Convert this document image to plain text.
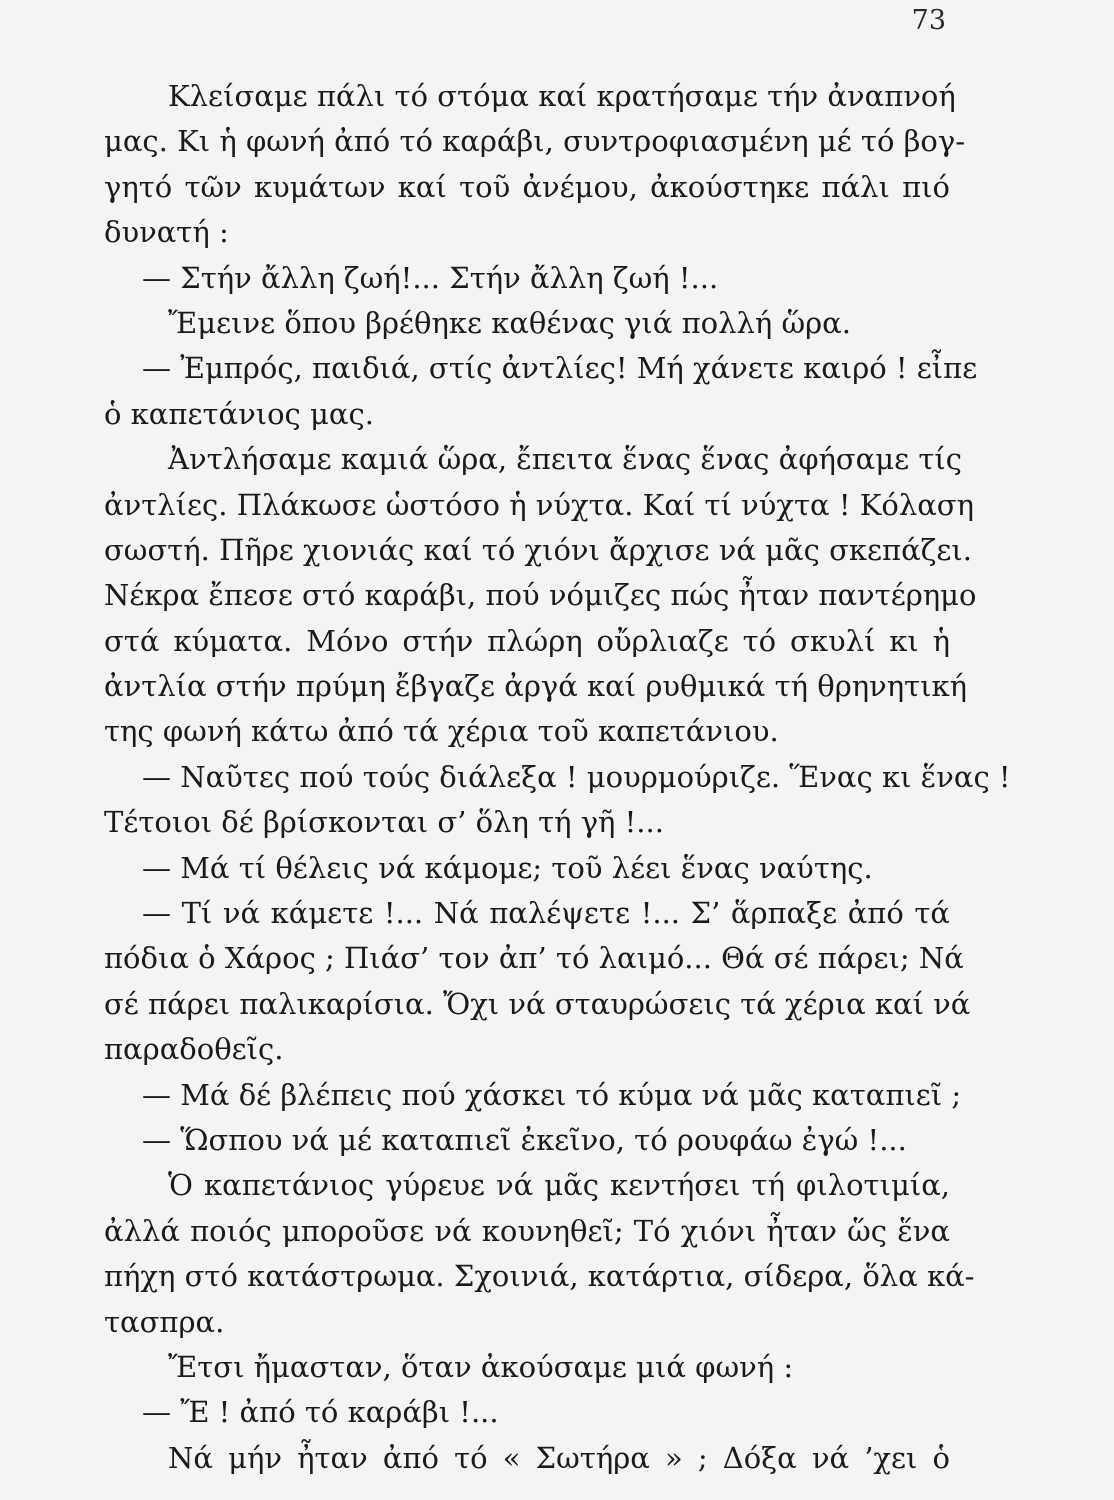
73
Κλείσαμε πάλι τό στόμα καί κρατήσαμε τήν ἀναπνοή
μας. Κι ἡ φωνή ἀπό τό καράβι, συντροφιασμένη μέ τό βογ-
γητό τῶν κυμάτων καί τοῦ ἀνέμου, ἀκούστηκε πάλι πιό
δυνατή :
— Στήν ἄλλη ζωή!... Στήν ἄλλη ζωή !...
Ἔμεινε ὅπου βρέθηκε καθένας γιά πολλή ὥρα.
— Ἐμπρός, παιδιά, στίς ἀντλίες! Μή χάνετε καιρό ! εἶπε
ὁ καπετάνιος μας.
Ἀντλήσαμε καμιά ὥρα, ἔπειτα ἕνας ἕνας ἀφήσαμε τίς
ἀντλίες. Πλάκωσε ὡστόσο ἡ νύχτα. Καί τί νύχτα ! Κόλαση
σωστή. Πῆρε χιονιάς καί τό χιόνι ἄρχισε νά μᾶς σκεπάζει.
Νέκρα ἔπεσε στό καράβι, πού νόμιζες πώς ἦταν παντέρημο
στά κύματα. Μόνο στήν πλώρη οὔρλιαζε τό σκυλί κι ἡ
ἀντλία στήν πρύμη ἔβγαζε ἀργά καί ρυθμικά τή θρηνητική
της φωνή κάτω ἀπό τά χέρια τοῦ καπετάνιου.
— Ναῦτες πού τούς διάλεξα ! μουρμούριζε. Ἕνας κι ἕνας !
Τέτοιοι δέ βρίσκονται σ’ ὅλη τή γῆ !...
— Μά τί θέλεις νά κάμομε; τοῦ λέει ἕνας ναύτης.
— Τί νά κάμετε !... Νά παλέψετε !... Σ’ ἅρπαξε ἀπό τά
πόδια ὁ Χάρος ; Πιάσ’ τον ἀπ’ τό λαιμό... Θά σέ πάρει; Νά
σέ πάρει παλικαρίσια. Ὄχι νά σταυρώσεις τά χέρια καί νά
παραδοθεῖς.
— Μά δέ βλέπεις πού χάσκει τό κύμα νά μᾶς καταπιεῖ ;
— Ὥσπου νά μέ καταπιεῖ ἐκεῖνο, τό ρουφάω ἐγώ !...
Ὁ καπετάνιος γύρευε νά μᾶς κεντήσει τή φιλοτιμία,
ἀλλά ποιός μποροῦσε νά κουνηθεῖ; Τό χιόνι ἦταν ὥς ἕνα
πήχη στό κατάστρωμα. Σχοινιά, κατάρτια, σίδερα, ὅλα κά-
τασπρα.
Ἔτσι ἤμασταν, ὅταν ἀκούσαμε μιά φωνή :
— Ἔ ! ἀπό τό καράβι !...
Νά μήν ἦταν ἀπό τό « Σωτήρα » ; Δόξα νά ’χει ὁ
